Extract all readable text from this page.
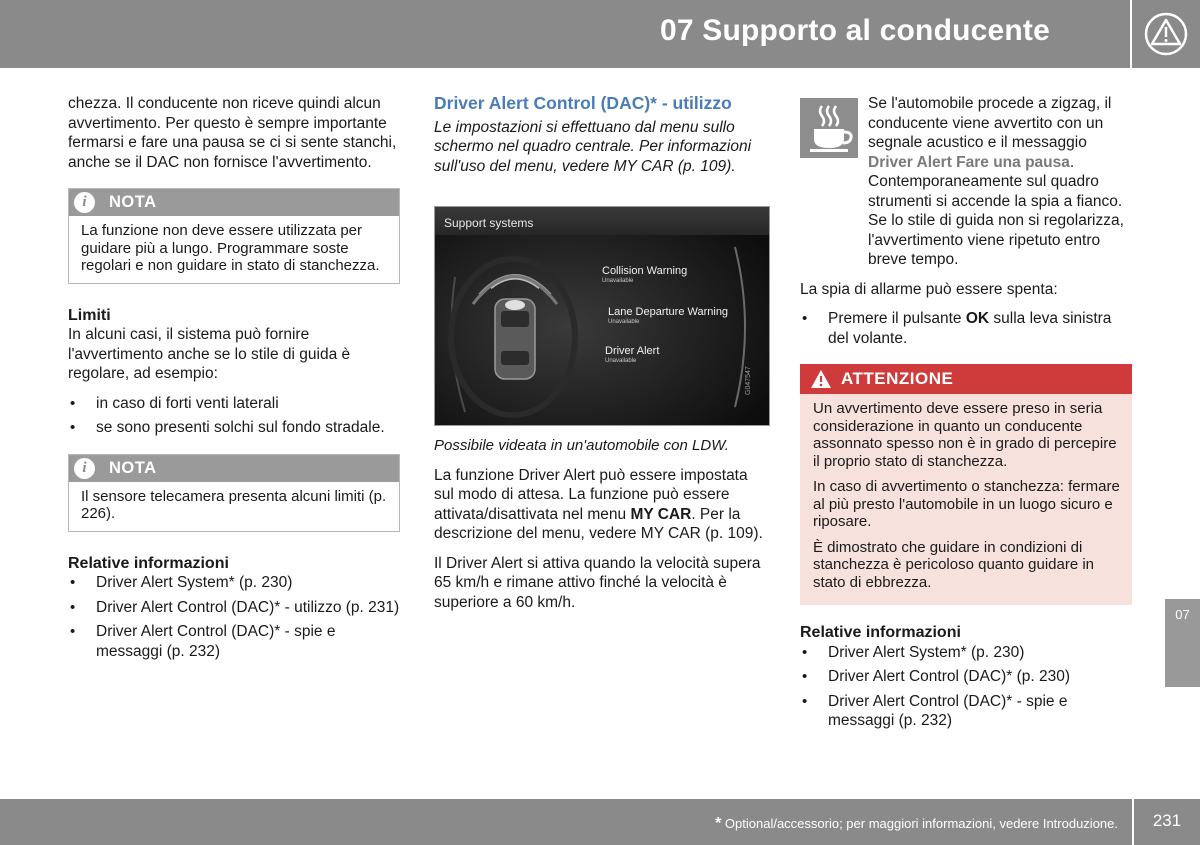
07 Supporto al conducente

chezza. Il conducente non riceve quindi alcun avvertimento. Per questo è sempre importante fermarsi e fare una pausa se ci si sente stanchi, anche se il DAC non fornisce l'avvertimento.

i	NOTA
La funzione non deve essere utilizzata per guidare più a lungo. Programmare soste regolari e non guidare in stato di stanchezza.

Limiti

In alcuni casi, il sistema può fornire l'avvertimento anche se lo stile di guida è regolare, ad esempio:

• in caso di forti venti laterali
• se sono presenti solchi sul fondo stradale.
i	NOTA
Il sensore telecamera presenta alcuni limiti (p. 226).

Relative informazioni

• Driver Alert System* (p. 230)
• Driver Alert Control (DAC)* - utilizzo (p. 231)
• Driver Alert Control (DAC)* - spie e messaggi (p. 232)

Driver Alert Control (DAC)* - utilizzo

Le impostazioni si effettuano dal menu sullo schermo nel quadro centrale. Per informazioni sull'uso del menu, vedere MY CAR (p. 109).

Support systems
Collision Warning
Unavailable
Lane Departure Warning
Unavailable
Driver Alert
Unavailable
G047547

Possibile videata in un'automobile con LDW.

La funzione Driver Alert può essere impostata sul modo di attesa. La funzione può essere attivata/disattivata nel menu MY CAR. Per la descrizione del menu, vedere MY CAR (p. 109).

Il Driver Alert si attiva quando la velocità supera 65 km/h e rimane attivo finché la velocità è superiore a 60 km/h.

Se l'automobile procede a zigzag, il conducente viene avvertito con un segnale acustico e il messaggio Driver Alert Fare una pausa. Contemporaneamente sul quadro strumenti si accende la spia a fianco. Se lo stile di guida non si regolarizza, l'avvertimento viene ripetuto entro breve tempo.

La spia di allarme può essere spenta:

• Premere il pulsante OK sulla leva sinistra del volante.
ATTENZIONE

Un avvertimento deve essere preso in seria considerazione in quanto un conducente assonnato spesso non è in grado di percepire il proprio stato di stanchezza.

In caso di avvertimento o stanchezza: fermare al più presto l'automobile in un luogo sicuro e riposare.

È dimostrato che guidare in condizioni di stanchezza è pericoloso quanto guidare in stato di ebbrezza.

Relative informazioni

• Driver Alert System* (p. 230)
• Driver Alert Control (DAC)* (p. 230)
• Driver Alert Control (DAC)* - spie e messaggi (p. 232)
07
* Optional/accessorio; per maggiori informazioni, vedere Introduzione.	231
